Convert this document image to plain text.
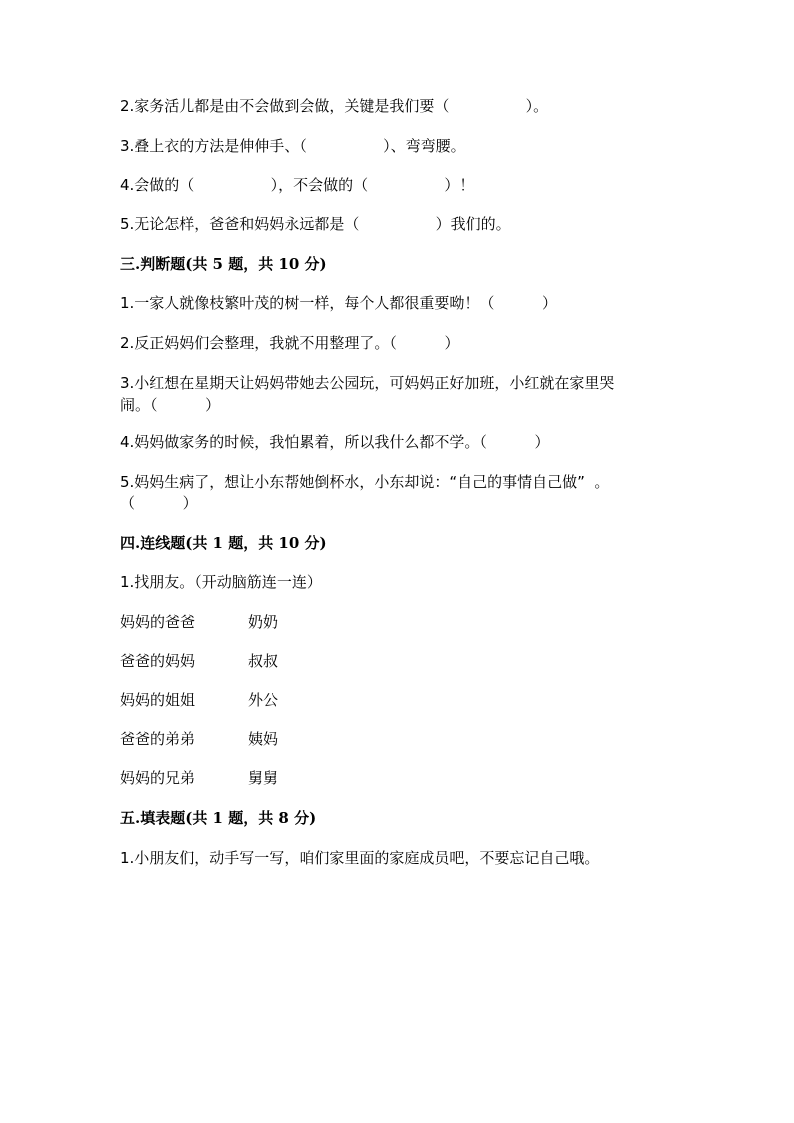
2.家务活儿都是由不会做到会做，关键是我们要（                ）。
3.叠上衣的方法是伸伸手、（                ）、弯弯腰。
4.会做的（                ），不会做的（                ）！
5.无论怎样，爸爸和妈妈永远都是（                ）我们的。
三.判断题(共 5 题，共 10 分)
1.一家人就像枝繁叶茂的树一样，每个人都很重要呦！（          ）
2.反正妈妈们会整理，我就不用整理了。（          ）
3.小红想在星期天让妈妈带她去公园玩，可妈妈正好加班，小红就在家里哭
闹。（          ）
4.妈妈做家务的时候，我怕累着，所以我什么都不学。（          ）
5.妈妈生病了，想让小东帮她倒杯水，小东却说：“自己的事情自己做”  。
（          ）
四.连线题(共 1 题，共 10 分)
1.找朋友。（开动脑筋连一连）
妈妈的爸爸	奶奶
爸爸的妈妈	叔叔
妈妈的姐姐	外公
爸爸的弟弟	姨妈
妈妈的兄弟	舅舅
五.填表题(共 1 题，共 8 分)
1.小朋友们，动手写一写，咱们家里面的家庭成员吧，不要忘记自己哦。
